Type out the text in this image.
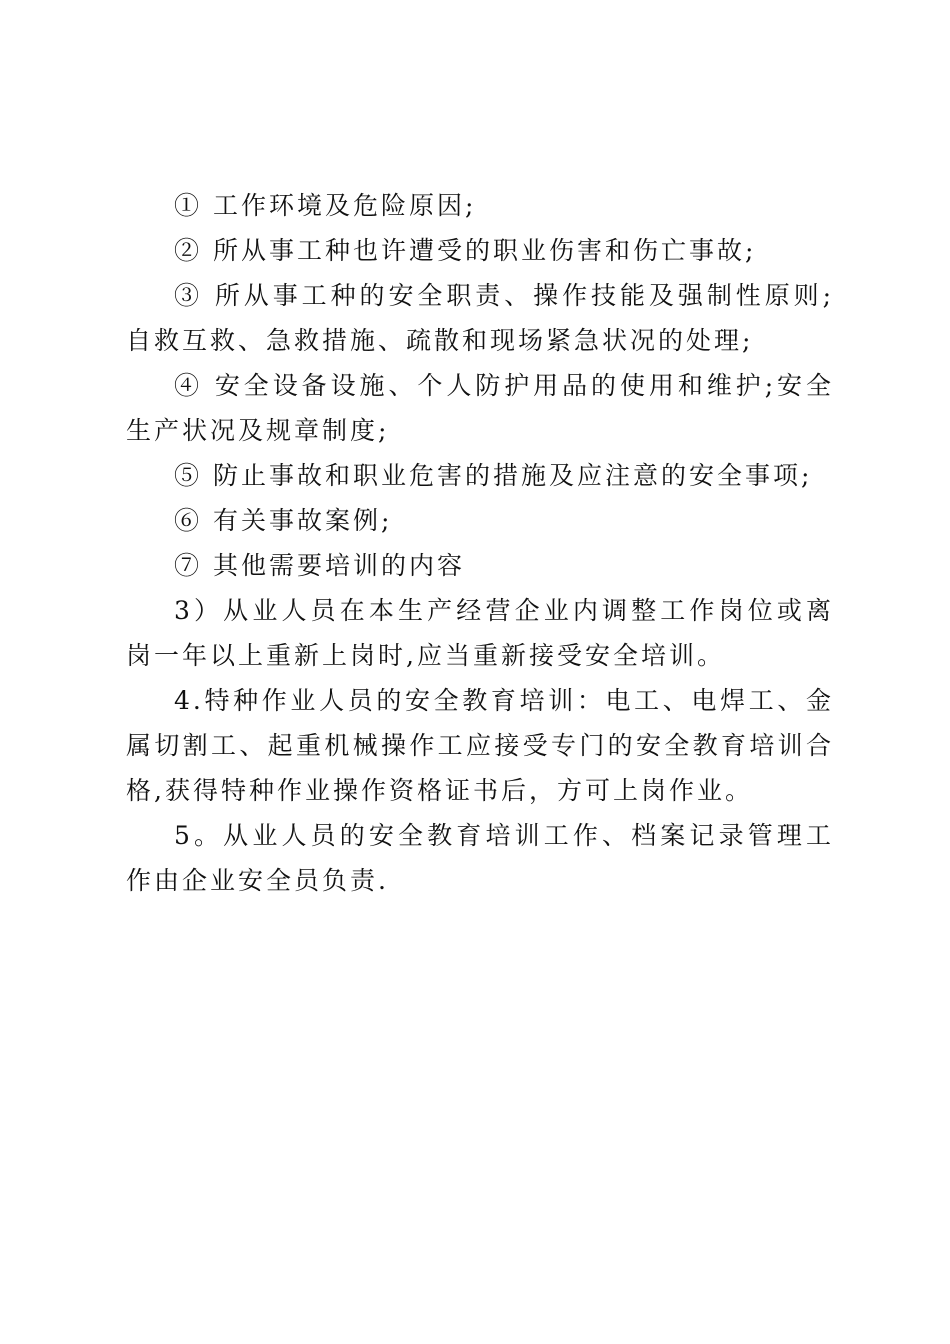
① 工作环境及危险原因;

② 所从事工种也许遭受的职业伤害和伤亡事故;

③ 所从事工种的安全职责、操作技能及强制性原则;自救互救、急救措施、疏散和现场紧急状况的处理;

④ 安全设备设施、个人防护用品的使用和维护;安全生产状况及规章制度;

⑤ 防止事故和职业危害的措施及应注意的安全事项;

⑥ 有关事故案例;

⑦ 其他需要培训的内容

3）从业人员在本生产经营企业内调整工作岗位或离岗一年以上重新上岗时,应当重新接受安全培训。

4.特种作业人员的安全教育培训：电工、电焊工、金属切割工、起重机械操作工应接受专门的安全教育培训合格,获得特种作业操作资格证书后，方可上岗作业。

5。从业人员的安全教育培训工作、档案记录管理工作由企业安全员负责.
